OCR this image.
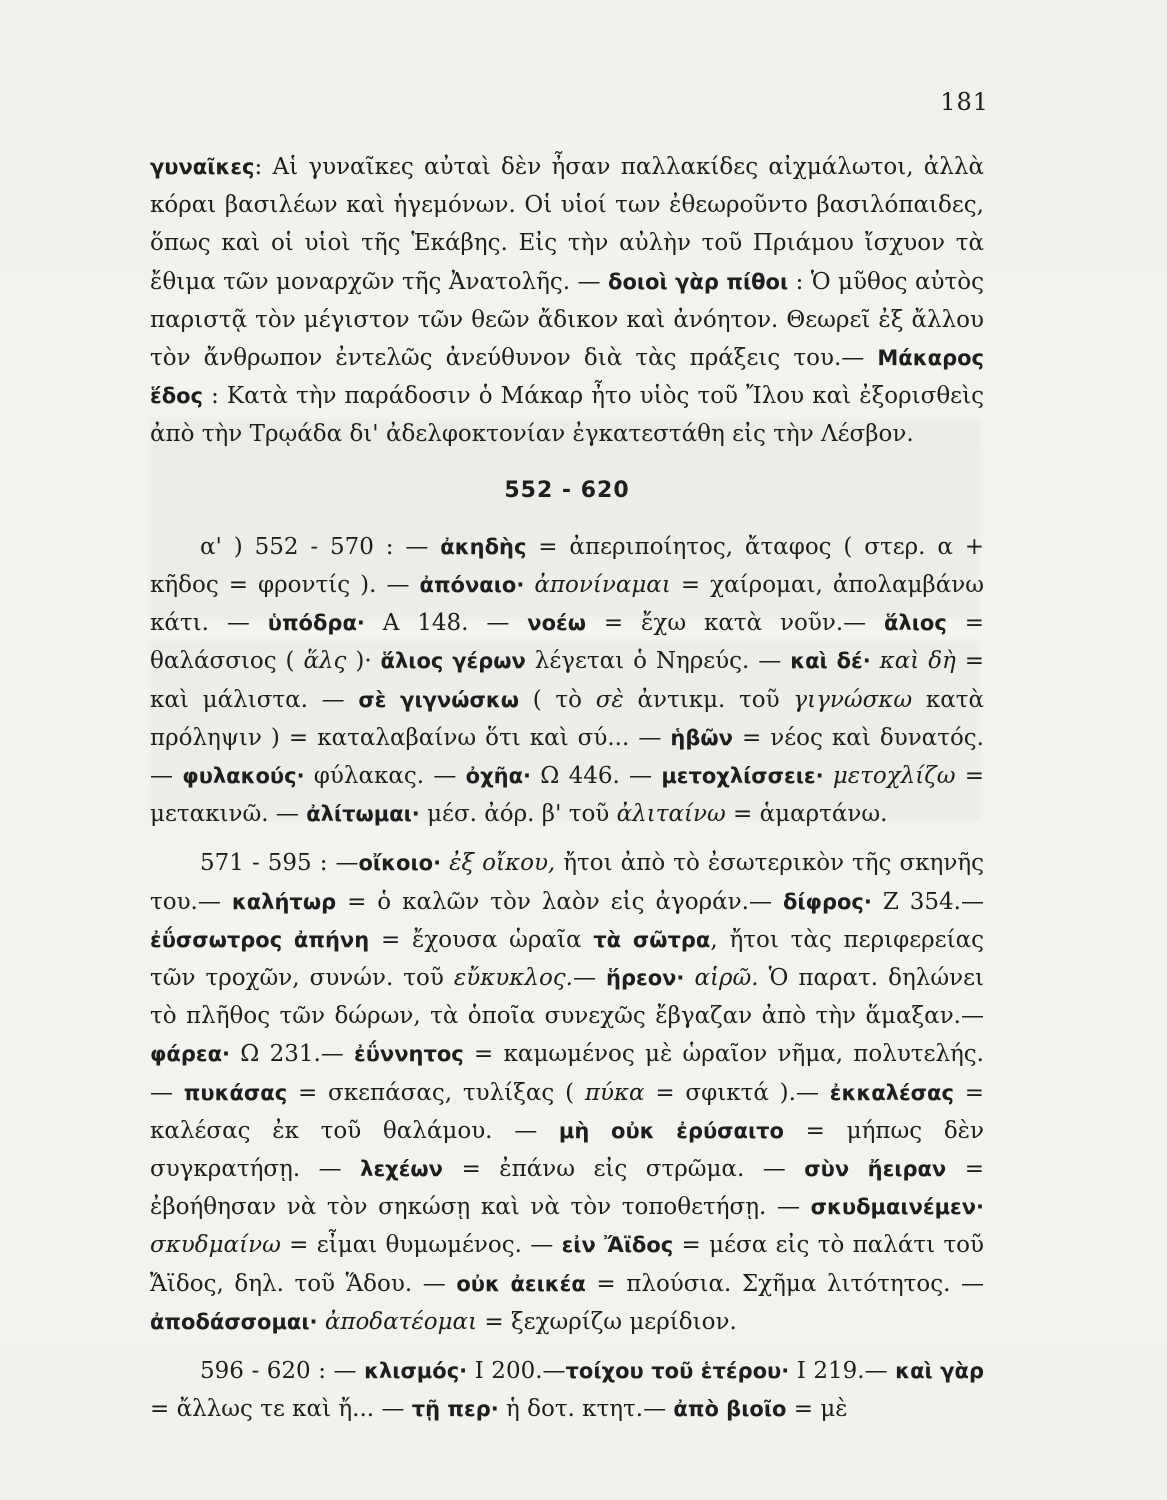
181

γυναῖκες: Αἱ γυναῖκες αὐταὶ δὲν ἦσαν παλλακίδες αἰχμάλωτοι, ἀλλὰ κόραι βασιλέων καὶ ἡγεμόνων. Οἱ υἱοί των ἐθεωροῦντο βασιλόπαιδες, ὅπως καὶ οἱ υἱοὶ τῆς Ἑκάβης. Εἰς τὴν αὐλὴν τοῦ Πριάμου ἴσχυον τὰ ἔθιμα τῶν μοναρχῶν τῆς Ἀνατολῆς. — δοιοὶ γὰρ πίθοι : Ὁ μῦθος αὐτὸς παριστᾷ τὸν μέγιστον τῶν θεῶν ἄδικον καὶ ἀνόητον. Θεωρεῖ ἐξ ἄλλου τὸν ἄνθρωπον ἐντελῶς ἀνεύθυνον διὰ τὰς πράξεις του.— Μάκαρος ἕδος : Κατὰ τὴν παράδοσιν ὁ Μάκαρ ἦτο υἱὸς τοῦ Ἴλου καὶ ἐξορισθεὶς ἀπὸ τὴν Τρῳάδα δι' ἀδελφοκτονίαν ἐγκατεστάθη εἰς τὴν Λέσβον.

552 - 620

α' ) 552 - 570 : — ἀκηδὴς = ἀπεριποίητος, ἄταφος ( στερ. α + κῆδος = φροντίς ). — ἀπόναιο· ἀπονίναμαι = χαίρομαι, ἀπολαμβάνω κάτι. — ὑπόδρα· Α 148. — νοέω = ἔχω κατὰ νοῦν.— ἅλιος = θαλάσσιος ( ἅλς )· ἅλιος γέρων λέγεται ὁ Νηρεύς. — καὶ δέ· καὶ δὴ = καὶ μάλιστα. — σὲ γιγνώσκω ( τὸ σὲ ἀντικμ. τοῦ γιγνώσκω κατὰ πρόληψιν ) = καταλαβαίνω ὅτι καὶ σύ... — ἡβῶν = νέος καὶ δυνατός.— φυλακούς· φύλακας. — ὀχῆα· Ω 446. — μετοχλίσσειε· μετοχλίζω = μετακινῶ. — ἀλίτωμαι· μέσ. ἀόρ. β' τοῦ ἀλιταίνω = ἁμαρτάνω.

571 - 595 : —οἴκοιο· ἐξ οἴκου, ἤτοι ἀπὸ τὸ ἐσωτερικὸν τῆς σκηνῆς του.— καλήτωρ = ὁ καλῶν τὸν λαὸν εἰς ἀγοράν.— δίφρος· Ζ 354.— ἐΰσσωτρος ἀπήνη = ἔχουσα ὡραῖα τὰ σῶτρα, ἤτοι τὰς περιφερείας τῶν τροχῶν, συνών. τοῦ εὔκυκλος.— ἥρεον· αἱρῶ. Ὁ παρατ. δηλώνει τὸ πλῆθος τῶν δώρων, τὰ ὁποῖα συνεχῶς ἔβγαζαν ἀπὸ τὴν ἅμαξαν.— φάρεα· Ω 231.— ἐΰννητος = καμωμένος μὲ ὡραῖον νῆμα, πολυτελής. — πυκάσας = σκεπάσας, τυλίξας ( πύκα = σφικτά ).— ἐκκαλέσας = καλέσας ἐκ τοῦ θαλάμου. — μὴ οὐκ ἐρύσαιτο = μήπως δὲν συγκρατήσῃ. — λεχέων = ἐπάνω εἰς στρῶμα. — σὺν ἤειραν = ἐβοήθησαν νὰ τὸν σηκώσῃ καὶ νὰ τὸν τοποθετήσῃ. — σκυδμαινέμεν· σκυδμαίνω = εἶμαι θυμωμένος. — εἰν Ἄϊδος = μέσα εἰς τὸ παλάτι τοῦ Ἄϊδος, δηλ. τοῦ Ἅδου. — οὐκ ἀεικέα = πλούσια. Σχῆμα λιτότητος. — ἀποδάσσομαι· ἀποδατέομαι = ξεχωρίζω μερίδιον.

596 - 620 : — κλισμός· Ι 200.—τοίχου τοῦ ἑτέρου· Ι 219.— καὶ γὰρ = ἄλλως τε καὶ ἤ... — τῇ περ· ἡ δοτ. κτητ.— ἀπὸ βιοῖο = μὲ
